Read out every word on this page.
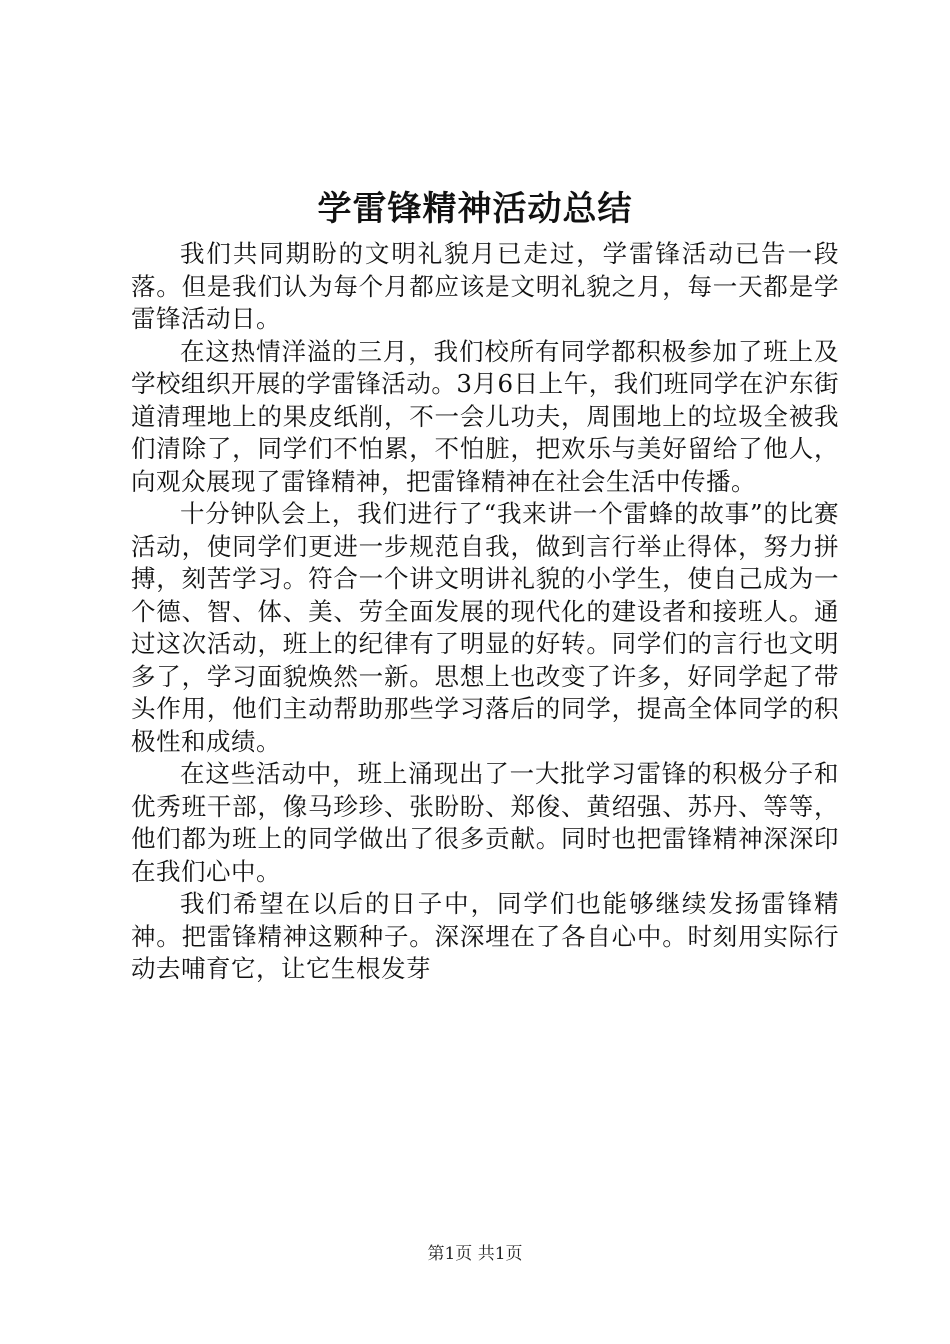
学雷锋精神活动总结

我们共同期盼的文明礼貌月已走过，学雷锋活动已告一段落。但是我们认为每个月都应该是文明礼貌之月，每一天都是学雷锋活动日。

在这热情洋溢的三月，我们校所有同学都积极参加了班上及学校组织开展的学雷锋活动。3月6日上午，我们班同学在沪东街道清理地上的果皮纸削，不一会儿功夫，周围地上的垃圾全被我们清除了，同学们不怕累，不怕脏，把欢乐与美好留给了他人，向观众展现了雷锋精神，把雷锋精神在社会生活中传播。

十分钟队会上，我们进行了“我来讲一个雷蜂的故事”的比赛活动，使同学们更进一步规范自我，做到言行举止得体，努力拼搏，刻苦学习。符合一个讲文明讲礼貌的小学生，使自己成为一个德、智、体、美、劳全面发展的现代化的建设者和接班人。通过这次活动，班上的纪律有了明显的好转。同学们的言行也文明多了，学习面貌焕然一新。思想上也改变了许多，好同学起了带头作用，他们主动帮助那些学习落后的同学，提高全体同学的积极性和成绩。

在这些活动中，班上涌现出了一大批学习雷锋的积极分子和优秀班干部，像马珍珍、张盼盼、郑俊、黄绍强、苏丹、等等，他们都为班上的同学做出了很多贡献。同时也把雷锋精神深深印在我们心中。

我们希望在以后的日子中，同学们也能够继续发扬雷锋精神。把雷锋精神这颗种子。深深埋在了各自心中。时刻用实际行动去哺育它，让它生根发芽

第1页 共1页
